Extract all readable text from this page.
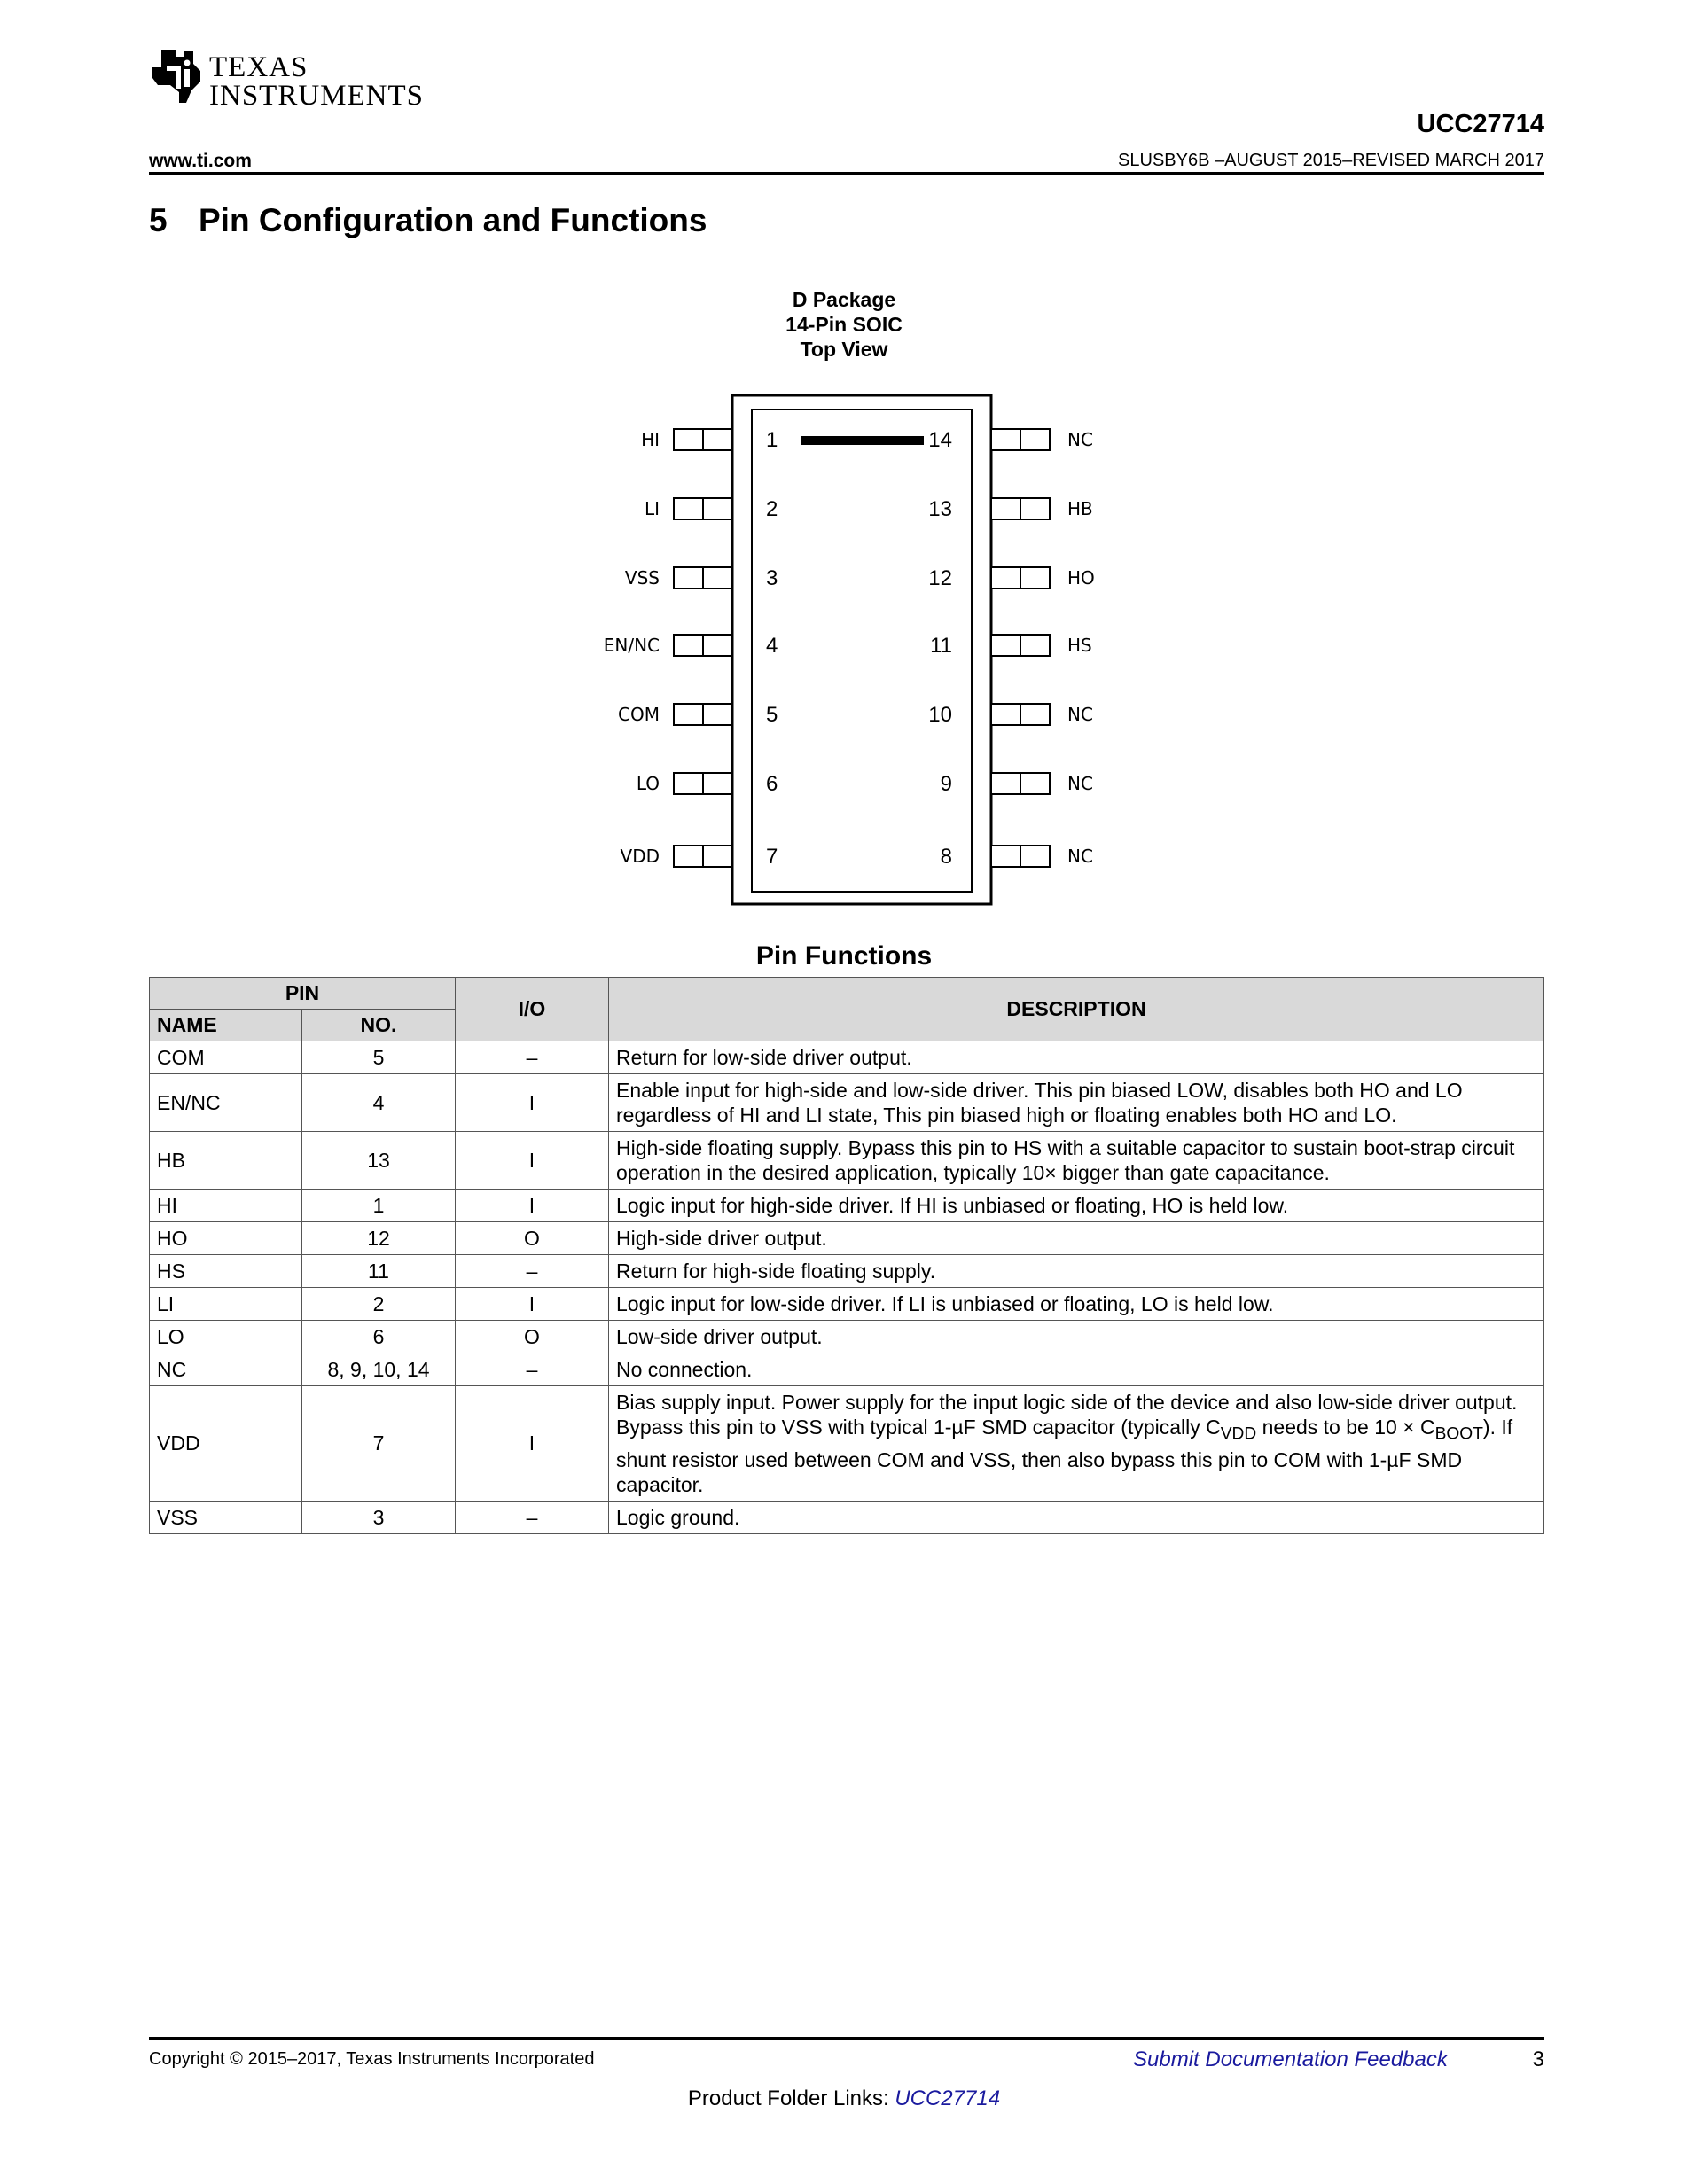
TEXAS
INSTRUMENTS
UCC27714
www.ti.com	SLUSBY6B –AUGUST 2015–REVISED MARCH 2017
5 Pin Configuration and Functions
D Package
14-Pin SOIC
Top View
HI	1
LI	2
VSS	3
EN/NC	4
COM	5
LO	6
VDD	7
NC
14
HB
13
HO
12
HS
11
NC
10
NC
9
NC
8
Pin Functions
PIN		I/O	DESCRIPTION
NAME	NO.		
COM	5	–	Return for low-side driver output.
EN/NC	4	I	Enable input for high-side and low-side driver. This pin biased LOW, disables both HO and LO regardless of HI and LI state, This pin biased high or floating enables both HO and LO.
HB	13	I	High-side floating supply. Bypass this pin to HS with a suitable capacitor to sustain boot-strap circuit operation in the desired application, typically 10× bigger than gate capacitance.
HI	1	I	Logic input for high-side driver. If HI is unbiased or floating, HO is held low.
HO	12	O	High-side driver output.
HS	11	–	Return for high-side floating supply.
LI	2	I	Logic input for low-side driver. If LI is unbiased or floating, LO is held low.
LO	6	O	Low-side driver output.
NC	8, 9, 10, 14	–	No connection.
VDD	7	I	Bias supply input. Power supply for the input logic side of the device and also low-side driver output. Bypass this pin to VSS with typical 1-µF SMD capacitor (typically $C_{VDD}$ needs to be $10 \times C_{BOOT}$). If shunt resistor used between COM and VSS, then also bypass this pin to COM with 1-µF SMD capacitor.
VSS	3	–	Logic ground.
Copyright © 2015–2017, Texas Instruments Incorporated	Submit Documentation Feedback	3
Product Folder Links: UCC27714
